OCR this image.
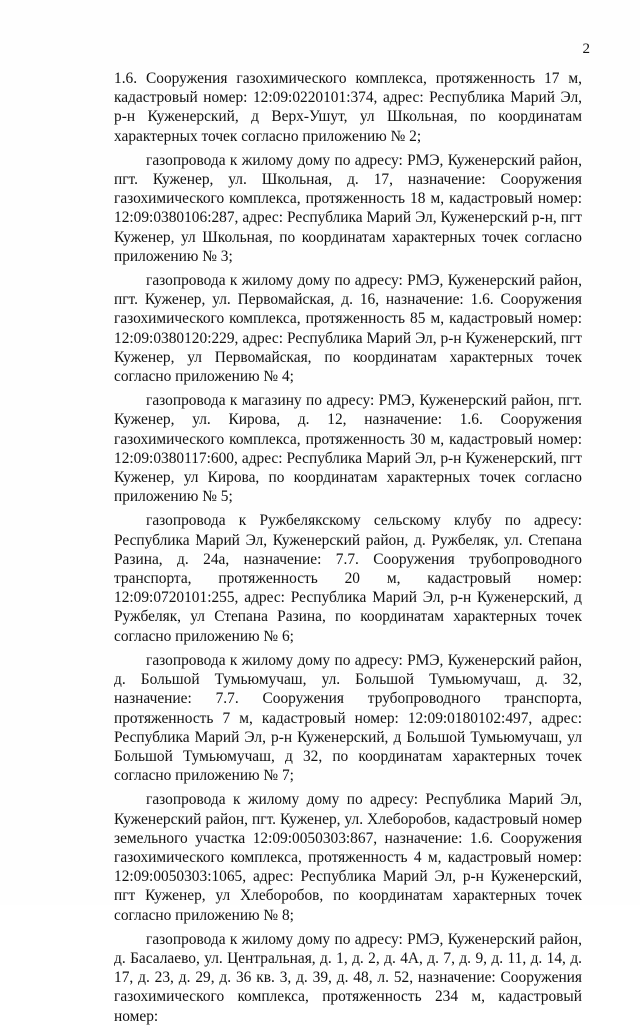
2

1.6. Сооружения газохимического комплекса, протяженность 17 м, кадастровый номер: 12:09:0220101:374, адрес: Республика Марий Эл, р-н Куженерский, д Верх-Ушут, ул Школьная, по координатам характерных точек согласно приложению № 2;

газопровода к жилому дому по адресу: РМЭ, Куженерский район, пгт. Куженер, ул. Школьная, д. 17, назначение: Сооружения газохимического комплекса, протяженность 18 м, кадастровый номер: 12:09:0380106:287, адрес: Республика Марий Эл, Куженерский р-н, пгт Куженер, ул Школьная, по координатам характерных точек согласно приложению № 3;

газопровода к жилому дому по адресу: РМЭ, Куженерский район, пгт. Куженер, ул. Первомайская, д. 16, назначение: 1.6. Сооружения газохимического комплекса, протяженность 85 м, кадастровый номер: 12:09:0380120:229, адрес: Республика Марий Эл, р-н Куженерский, пгт Куженер, ул Первомайская, по координатам характерных точек согласно приложению № 4;

газопровода к магазину по адресу: РМЭ, Куженерский район, пгт. Куженер, ул. Кирова, д. 12, назначение: 1.6. Сооружения газохимического комплекса, протяженность 30 м, кадастровый номер: 12:09:0380117:600, адрес: Республика Марий Эл, р-н Куженерский, пгт Куженер, ул Кирова, по координатам характерных точек согласно приложению № 5;

газопровода к Ружбелякскому сельскому клубу по адресу: Республика Марий Эл, Куженерский район, д. Ружбеляк, ул. Степана Разина, д. 24а, назначение: 7.7. Сооружения трубопроводного транспорта, протяженность 20 м, кадастровый номер: 12:09:0720101:255, адрес: Республика Марий Эл, р-н Куженерский, д Ружбеляк, ул Степана Разина, по координатам характерных точек согласно приложению № 6;

газопровода к жилому дому по адресу: РМЭ, Куженерский район, д. Большой Тумьюмучаш, ул. Большой Тумьюмучаш, д. 32, назначение: 7.7. Сооружения трубопроводного транспорта, протяженность 7 м, кадастровый номер: 12:09:0180102:497, адрес: Республика Марий Эл, р-н Куженерский, д Большой Тумьюмучаш, ул Большой Тумьюмучаш, д 32, по координатам характерных точек согласно приложению № 7;

газопровода к жилому дому по адресу: Республика Марий Эл, Куженерский район, пгт. Куженер, ул. Хлеборобов, кадастровый номер земельного участка 12:09:0050303:867, назначение: 1.6. Сооружения газохимического комплекса, протяженность 4 м, кадастровый номер: 12:09:0050303:1065, адрес: Республика Марий Эл, р-н Куженерский, пгт Куженер, ул Хлеборобов, по координатам характерных точек согласно приложению № 8;

газопровода к жилому дому по адресу: РМЭ, Куженерский район, д. Басалаево, ул. Центральная, д. 1, д. 2, д. 4А, д. 7, д. 9, д. 11, д. 14, д. 17, д. 23, д. 29, д. 36 кв. 3, д. 39, д. 48, л. 52, назначение: Сооружения газохимического комплекса, протяженность 234 м, кадастровый номер:
